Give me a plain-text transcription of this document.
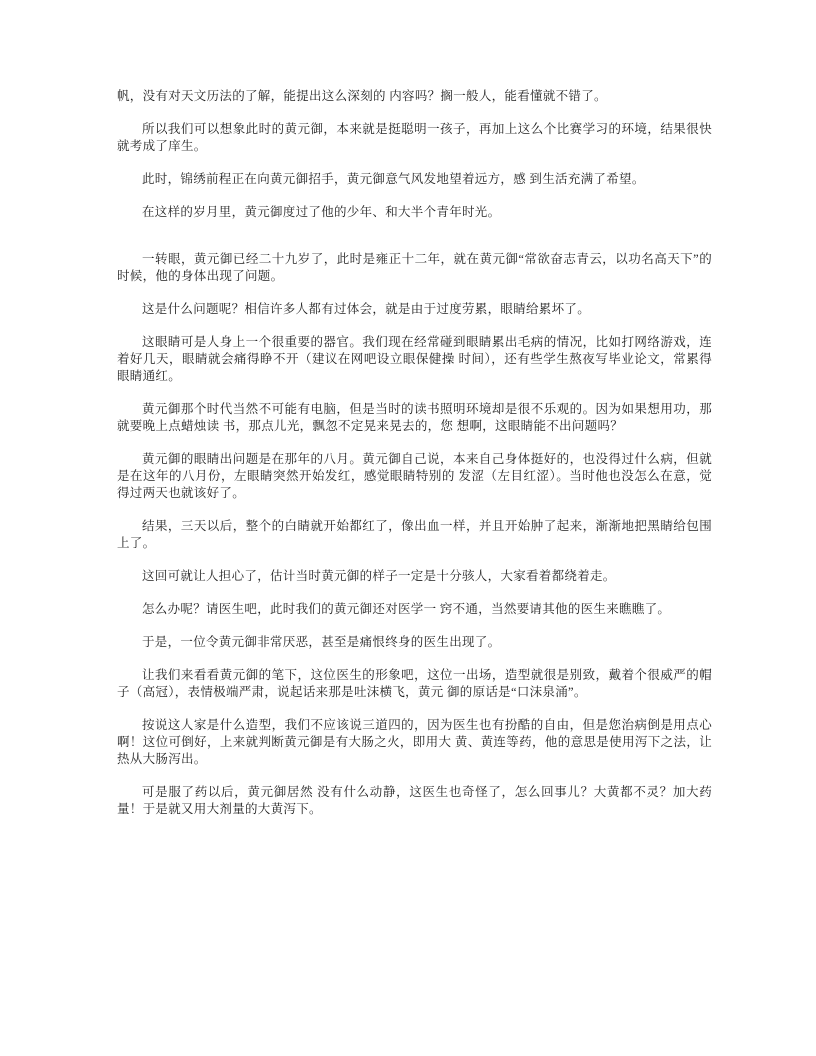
帆，没有对天文历法的了解，能提出这么深刻的 内容吗？搁一般人，能看懂就不错了。

所以我们可以想象此时的黄元御，本来就是挺聪明一孩子，再加上这么个比赛学习的环境，结果很快就考成了庠生。

此时，锦绣前程正在向黄元御招手，黄元御意气风发地望着远方，感 到生活充满了希望。

在这样的岁月里，黄元御度过了他的少年、和大半个青年时光。

一转眼，黄元御已经二十九岁了，此时是雍正十二年，就在黄元御“常欲奋志青云，以功名高天下”的时候，他的身体出现了问题。

这是什么问题呢？相信许多人都有过体会，就是由于过度劳累，眼睛给累坏了。

这眼睛可是人身上一个很重要的器官。我们现在经常碰到眼睛累出毛病的情况，比如打网络游戏，连着好几天，眼睛就会痛得睁不开（建议在网吧设立眼保健操 时间），还有些学生熬夜写毕业论文，常累得眼睛通红。

黄元御那个时代当然不可能有电脑，但是当时的读书照明环境却是很不乐观的。因为如果想用功，那就要晚上点蜡烛读 书，那点儿光，飘忽不定晃来晃去的，您 想啊，这眼睛能不出问题吗？

黄元御的眼睛出问题是在那年的八月。黄元御自己说，本来自己身体挺好的，也没得过什么病，但就是在这年的八月份，左眼睛突然开始发红，感觉眼睛特别的 发涩（左目红涩）。当时他也没怎么在意，觉得过两天也就该好了。

结果，三天以后，整个的白睛就开始都红了，像出血一样，并且开始肿了起来，渐渐地把黑睛给包围上了。

这回可就让人担心了，估计当时黄元御的样子一定是十分骇人，大家看着都绕着走。

怎么办呢？请医生吧，此时我们的黄元御还对医学一 窍不通，当然要请其他的医生来瞧瞧了。

于是，一位令黄元御非常厌恶，甚至是痛恨终身的医生出现了。

让我们来看看黄元御的笔下，这位医生的形象吧，这位一出场，造型就很是别致，戴着个很威严的帽子（高冠），表情极端严肃，说起话来那是吐沫横飞，黄元 御的原话是“口沫泉涌”。

按说这人家是什么造型，我们不应该说三道四的，因为医生也有扮酷的自由，但是您治病倒是用点心啊！这位可倒好，上来就判断黄元御是有大肠之火，即用大 黄、黄连等药，他的意思是使用泻下之法，让热从大肠泻出。

可是服了药以后，黄元御居然 没有什么动静，这医生也奇怪了，怎么回事儿？大黄都不灵？加大药量！于是就又用大剂量的大黄泻下。
